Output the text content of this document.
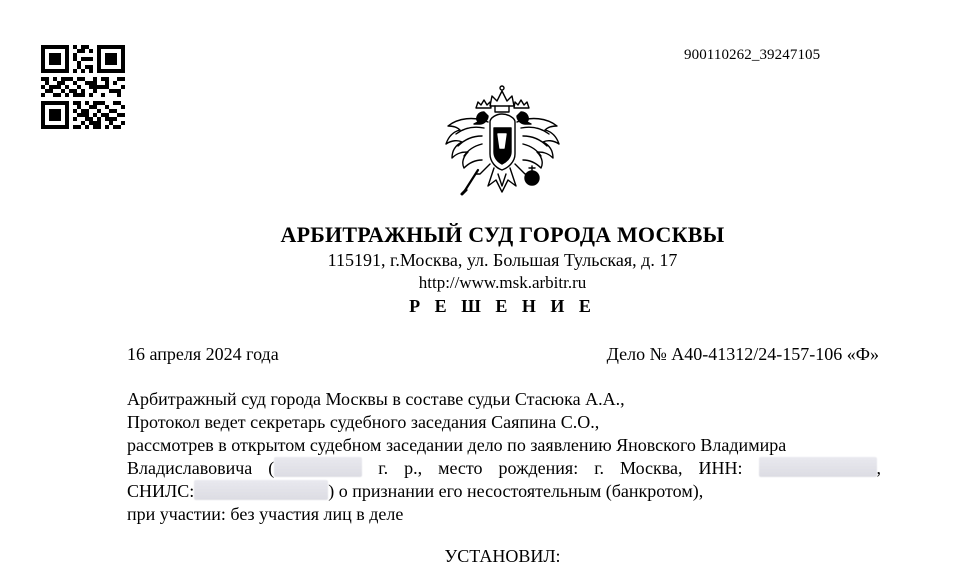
900110262_39247105
АРБИТРАЖНЫЙ СУД ГОРОДА МОСКВЫ
115191, г.Москва, ул. Большая Тульская, д. 17
http://www.msk.arbitr.ru
Р Е Ш Е Н И Е
16 апреля 2024 года	Дело № А40-41312/24-157-106 «Ф»
Арбитражный суд города Москвы в составе судьи Стасюка А.А.,
Протокол ведет секретарь судебного заседания Саяпина С.О.,
рассмотрев в открытом судебном заседании дело по заявлению Яновского Владимира
Владиславовича (	г. р., место рождения: г. Москва, ИНН:	,
СНИЛС:	) о признании его несостоятельным (банкротом),
при участии: без участия лиц в деле
УСТАНОВИЛ:
